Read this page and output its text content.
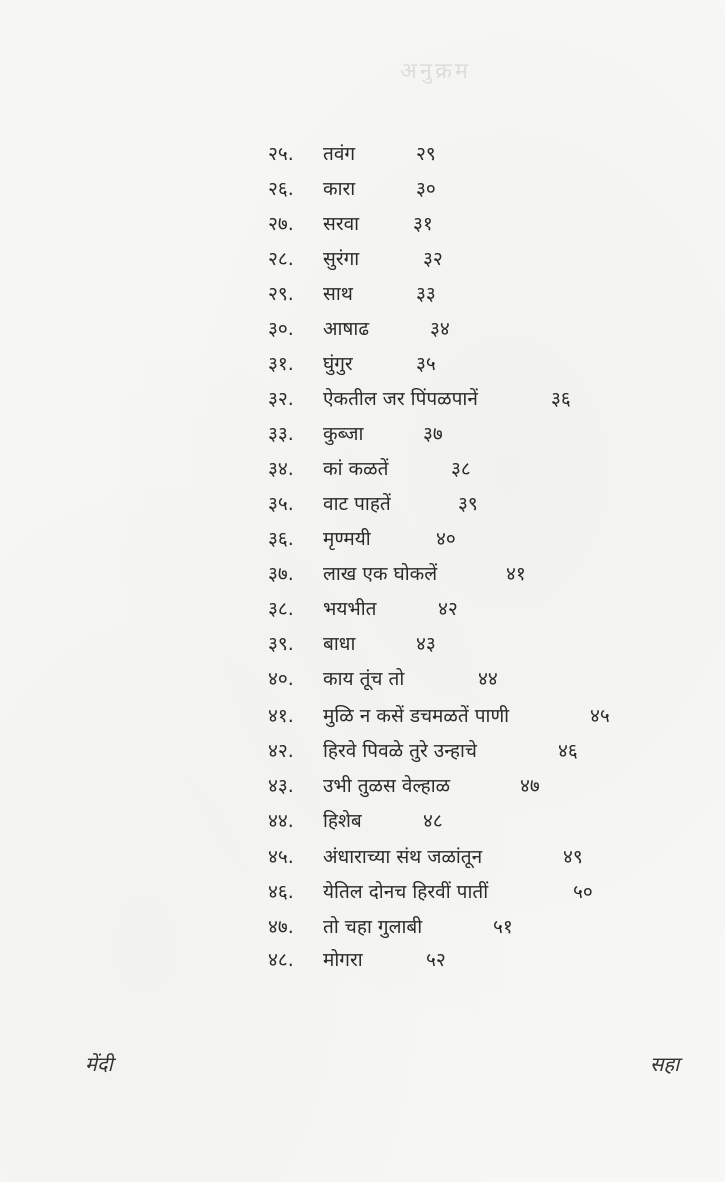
अनुक्रम
२५. तवंग	२९
२६. कारा	३०
२७. सरवा	३१
२८. सुरंगा	३२
२९. साथ	३३
३०. आषाढ	३४
३१. घुंगुर	३५
३२. ऐकतील जर पिंपळपानें	३६
३३. कुब्जा	३७
३४. कां कळतें	३८
३५. वाट पाहतें	३९
३६. मृण्मयी	४०
३७. लाख एक घोकलें	४१
३८. भयभीत	४२
३९. बाधा	४३
४०. काय तूंच तो	४४
४१. मुळि न कसें डचमळतें पाणी	४५
४२. हिरवे पिवळे तुरे उन्हाचे	४६
४३. उभी तुळस वेल्हाळ	४७
४४. हिशेब	४८
४५. अंधाराच्या संथ जळांतून	४९
४६. येतिल दोनच हिरवीं पातीं	५०
४७. तो चहा गुलाबी	५१
४८. मोगरा	५२
मेंदी	सहा
